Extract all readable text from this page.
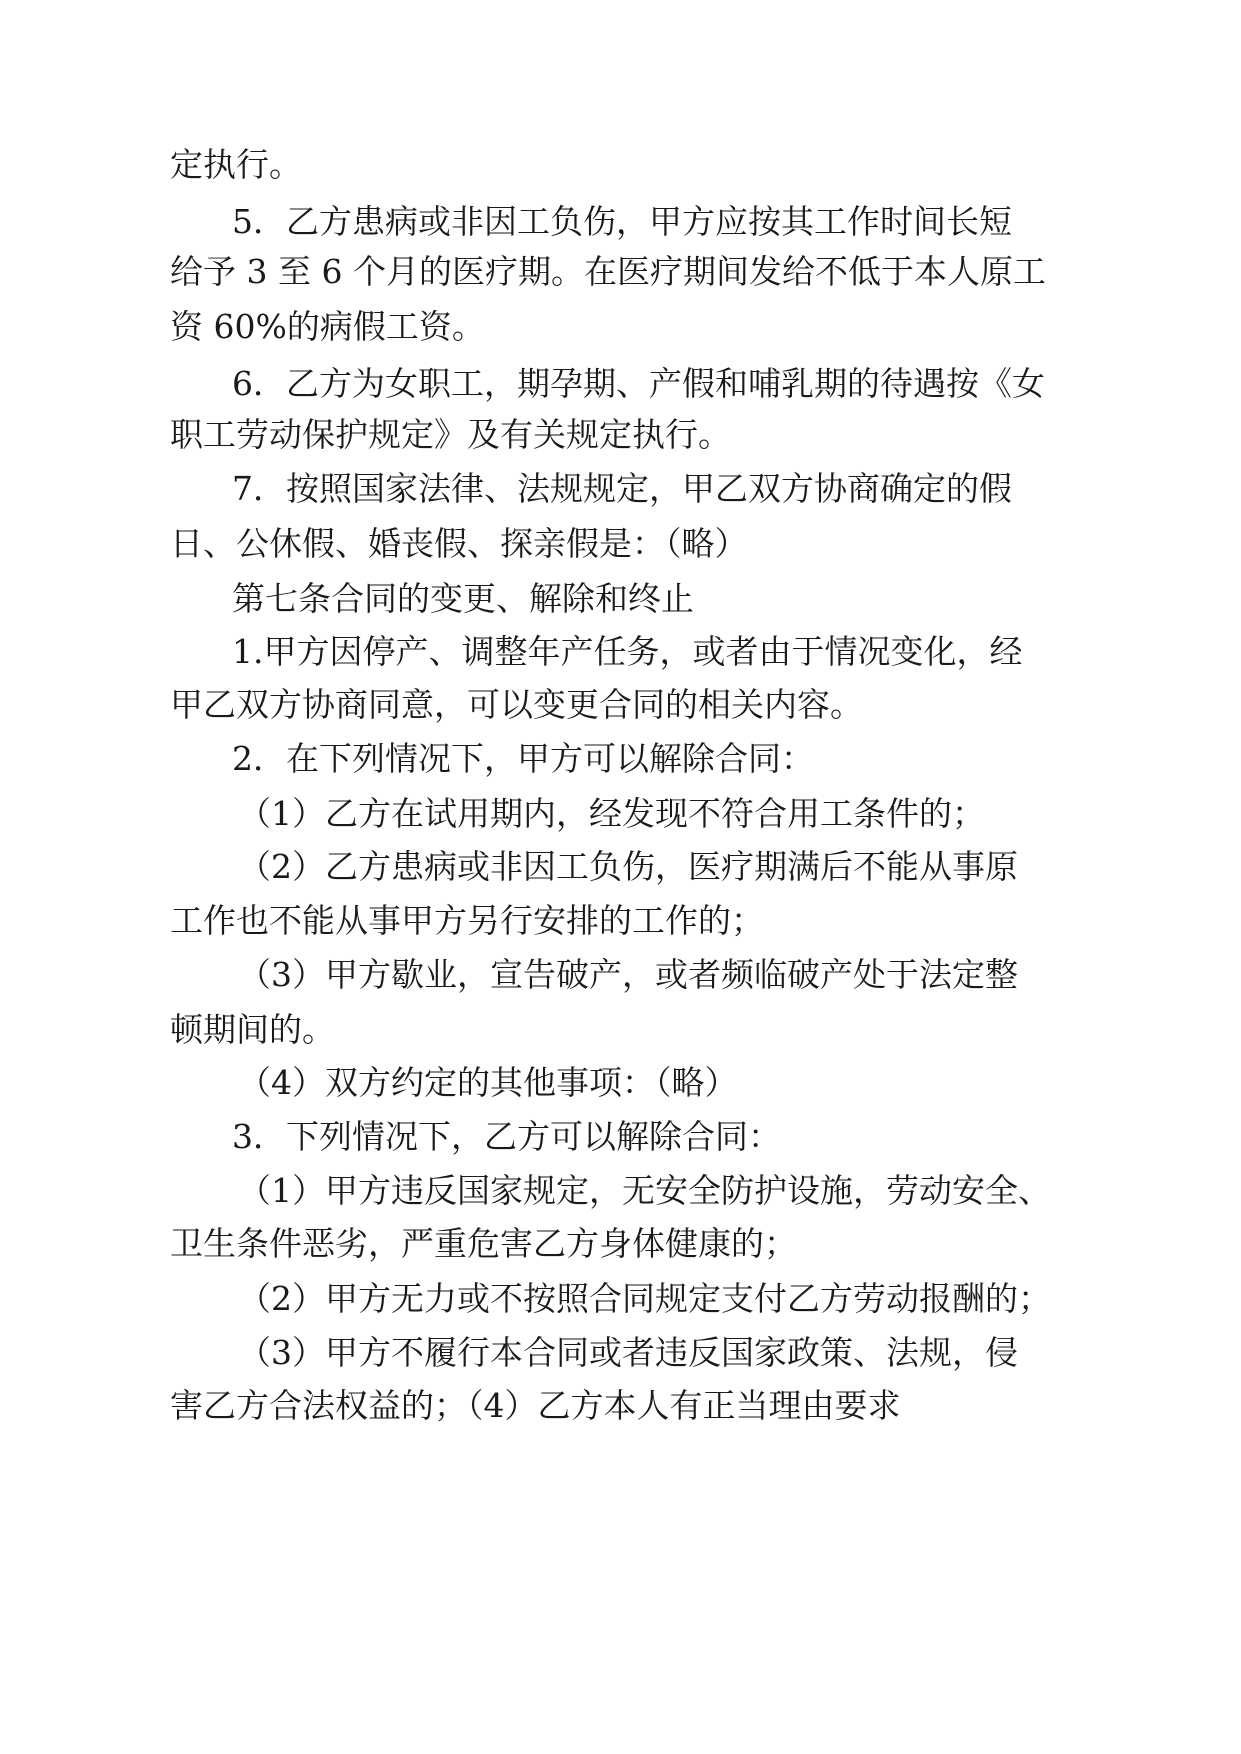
定执行。

5．乙方患病或非因工负伤，甲方应按其工作时间长短

给予 3 至 6 个月的医疗期。在医疗期间发给不低于本人原工

资 60%的病假工资。

6．乙方为女职工，期孕期、产假和哺乳期的待遇按《女

职工劳动保护规定》及有关规定执行。

7．按照国家法律、法规规定，甲乙双方协商确定的假

日、公休假、婚丧假、探亲假是：（略）

第七条合同的变更、解除和终止

1.甲方因停产、调整年产任务，或者由于情况变化，经

甲乙双方协商同意，可以变更合同的相关内容。

2．在下列情况下，甲方可以解除合同：

（1）乙方在试用期内，经发现不符合用工条件的；

（2）乙方患病或非因工负伤，医疗期满后不能从事原

工作也不能从事甲方另行安排的工作的；

（3）甲方歇业，宣告破产，或者频临破产处于法定整

顿期间的。

（4）双方约定的其他事项：（略）

3．下列情况下，乙方可以解除合同：

（1）甲方违反国家规定，无安全防护设施，劳动安全、

卫生条件恶劣，严重危害乙方身体健康的；

（2）甲方无力或不按照合同规定支付乙方劳动报酬的；

（3）甲方不履行本合同或者违反国家政策、法规，侵

害乙方合法权益的；（4）乙方本人有正当理由要求
